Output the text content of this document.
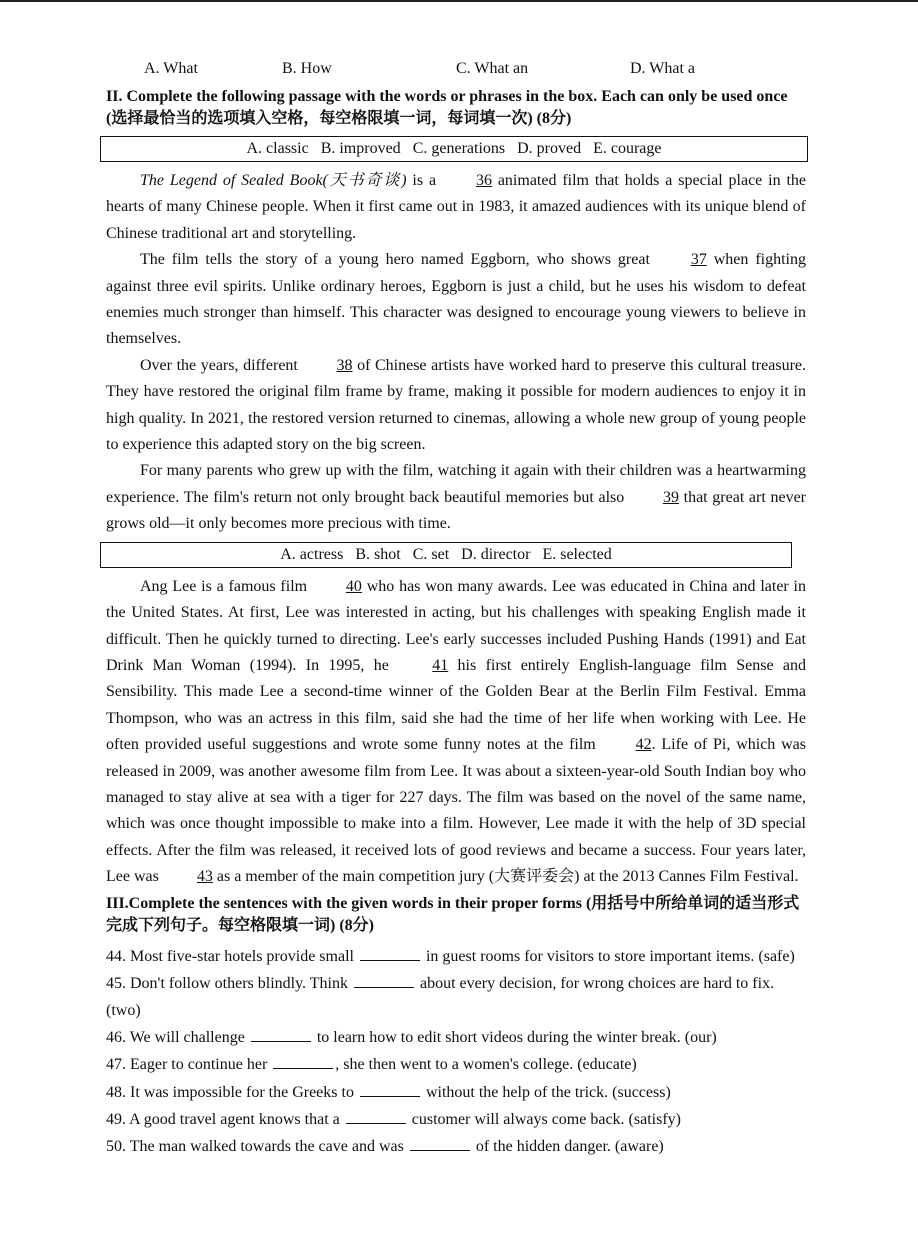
A. What	B. How	C. What an	D. What a

II. Complete the following passage with the words or phrases in the box. Each can only be used once (选择最恰当的选项填入空格，每空格限填一词，每词填一次) (8分)

A. classic B. improved C. generations D. proved E. courage

The Legend of Sealed Book(天书奇谈) is a 36 animated film that holds a special place in the hearts of many Chinese people. When it first came out in 1983, it amazed audiences with its unique blend of Chinese traditional art and storytelling.

The film tells the story of a young hero named Eggborn, who shows great 37 when fighting against three evil spirits. Unlike ordinary heroes, Eggborn is just a child, but he uses his wisdom to defeat enemies much stronger than himself. This character was designed to encourage young viewers to believe in themselves.

Over the years, different 38 of Chinese artists have worked hard to preserve this cultural treasure. They have restored the original film frame by frame, making it possible for modern audiences to enjoy it in high quality. In 2021, the restored version returned to cinemas, allowing a whole new group of young people to experience this adapted story on the big screen.

For many parents who grew up with the film, watching it again with their children was a heartwarming experience. The film's return not only brought back beautiful memories but also 39 that great art never grows old—it only becomes more precious with time.

A. actress B. shot C. set D. director E. selected

Ang Lee is a famous film 40 who has won many awards. Lee was educated in China and later in the United States. At first, Lee was interested in acting, but his challenges with speaking English made it difficult. Then he quickly turned to directing. Lee's early successes included Pushing Hands (1991) and Eat Drink Man Woman (1994). In 1995, he 41 his first entirely English-language film Sense and Sensibility. This made Lee a second-time winner of the Golden Bear at the Berlin Film Festival. Emma Thompson, who was an actress in this film, said she had the time of her life when working with Lee. He often provided useful suggestions and wrote some funny notes at the film 42. Life of Pi, which was released in 2009, was another awesome film from Lee. It was about a sixteen-year-old South Indian boy who managed to stay alive at sea with a tiger for 227 days. The film was based on the novel of the same name, which was once thought impossible to make into a film. However, Lee made it with the help of 3D special effects. After the film was released, it received lots of good reviews and became a success. Four years later, Lee was 43 as a member of the main competition jury (大赛评委会) at the 2013 Cannes Film Festival.

III.Complete the sentences with the given words in their proper forms (用括号中所给单词的适当形式完成下列句子。每空格限填一词) (8分)

44. Most five-star hotels provide small	in guest rooms for visitors to store important items. (safe)

45. Don't follow others blindly. Think	about every decision, for wrong choices are hard to fix. (two)

46. We will challenge	to learn how to edit short videos during the winter break. (our)

47. Eager to continue her	, she then went to a women's college. (educate)

48. It was impossible for the Greeks to	without the help of the trick. (success)

49. A good travel agent knows that a	customer will always come back. (satisfy)

50. The man walked towards the cave and was	of the hidden danger. (aware)
